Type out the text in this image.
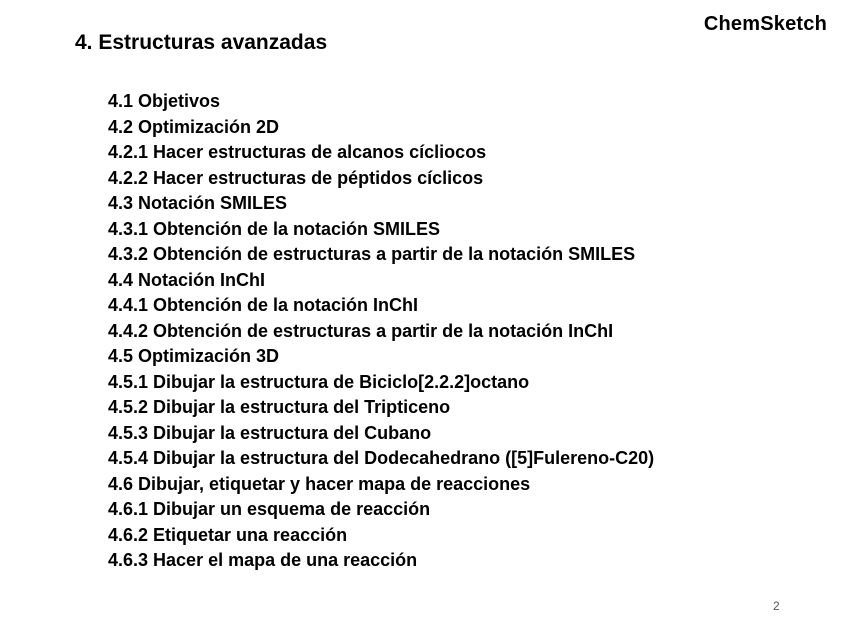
ChemSketch
4. Estructuras avanzadas
4.1 Objetivos
4.2 Optimización 2D
4.2.1 Hacer estructuras de alcanos cícliocos
4.2.2 Hacer estructuras de péptidos cíclicos
4.3 Notación SMILES
4.3.1 Obtención de la notación SMILES
4.3.2 Obtención de estructuras a partir de la notación SMILES
4.4 Notación InChI
4.4.1 Obtención de la notación InChI
4.4.2 Obtención de estructuras a partir de la notación InChI
4.5 Optimización 3D
4.5.1 Dibujar la estructura de Biciclo[2.2.2]octano
4.5.2 Dibujar la estructura del Tripticeno
4.5.3 Dibujar la estructura del Cubano
4.5.4 Dibujar la estructura del Dodecahedrano ([5]Fulereno-C20)
4.6 Dibujar, etiquetar y hacer mapa de reacciones
4.6.1 Dibujar un esquema de reacción
4.6.2 Etiquetar una reacción
4.6.3 Hacer el mapa de una reacción
2
